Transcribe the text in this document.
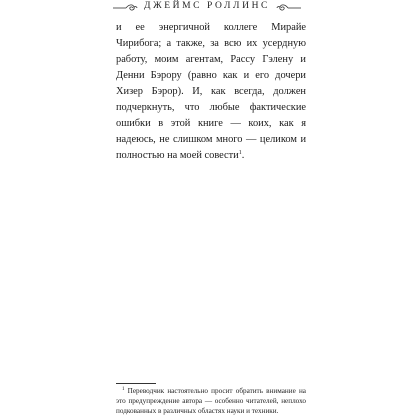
ДЖЕЙМС РОЛЛИНС

и ее энергичной коллеге Мирайе Чирибога; а также, за всю их усердную работу, моим агентам, Рассу Гэлену и Денни Бэрору (равно как и его дочери Хизер Бэрор). И, как всегда, должен подчеркнуть, что любые фактические ошибки в этой книге — коих, как я надеюсь, не слишком много — целиком и полностью на моей совести$^1$.

$^1$ Переводчик настоятельно просит обратить внимание на это предупреждение автора — особенно читателей, неплохо подкованных в различных областях науки и техники.
